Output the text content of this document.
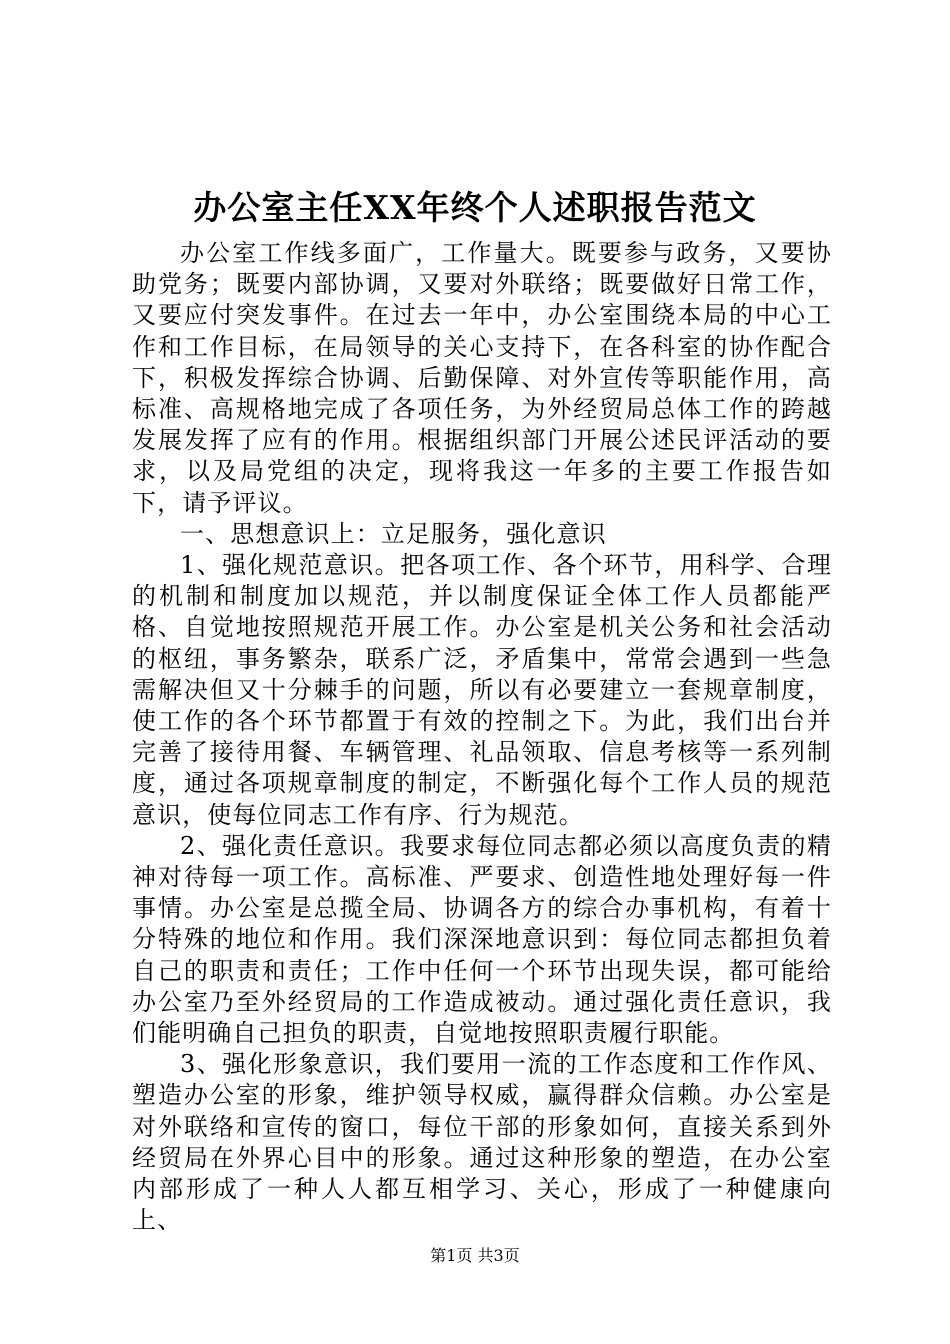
办公室主任XX年终个人述职报告范文

办公室工作线多面广，工作量大。既要参与政务，又要协助党务；既要内部协调，又要对外联络；既要做好日常工作，又要应付突发事件。在过去一年中，办公室围绕本局的中心工作和工作目标，在局领导的关心支持下，在各科室的协作配合下，积极发挥综合协调、后勤保障、对外宣传等职能作用，高标准、高规格地完成了各项任务，为外经贸局总体工作的跨越发展发挥了应有的作用。根据组织部门开展公述民评活动的要求，以及局党组的决定，现将我这一年多的主要工作报告如下，请予评议。

一、思想意识上：立足服务，强化意识

1、强化规范意识。把各项工作、各个环节，用科学、合理的机制和制度加以规范，并以制度保证全体工作人员都能严格、自觉地按照规范开展工作。办公室是机关公务和社会活动的枢纽，事务繁杂，联系广泛，矛盾集中，常常会遇到一些急需解决但又十分棘手的问题，所以有必要建立一套规章制度，使工作的各个环节都置于有效的控制之下。为此，我们出台并完善了接待用餐、车辆管理、礼品领取、信息考核等一系列制度，通过各项规章制度的制定，不断强化每个工作人员的规范意识，使每位同志工作有序、行为规范。

2、强化责任意识。我要求每位同志都必须以高度负责的精神对待每一项工作。高标准、严要求、创造性地处理好每一件事情。办公室是总揽全局、协调各方的综合办事机构，有着十分特殊的地位和作用。我们深深地意识到：每位同志都担负着自己的职责和责任；工作中任何一个环节出现失误，都可能给办公室乃至外经贸局的工作造成被动。通过强化责任意识，我们能明确自己担负的职责，自觉地按照职责履行职能。

3、强化形象意识，我们要用一流的工作态度和工作作风、塑造办公室的形象，维护领导权威，赢得群众信赖。办公室是对外联络和宣传的窗口，每位干部的形象如何，直接关系到外经贸局在外界心目中的形象。通过这种形象的塑造，在办公室内部形成了一种人人都互相学习、关心，形成了一种健康向上、

第1页 共3页
